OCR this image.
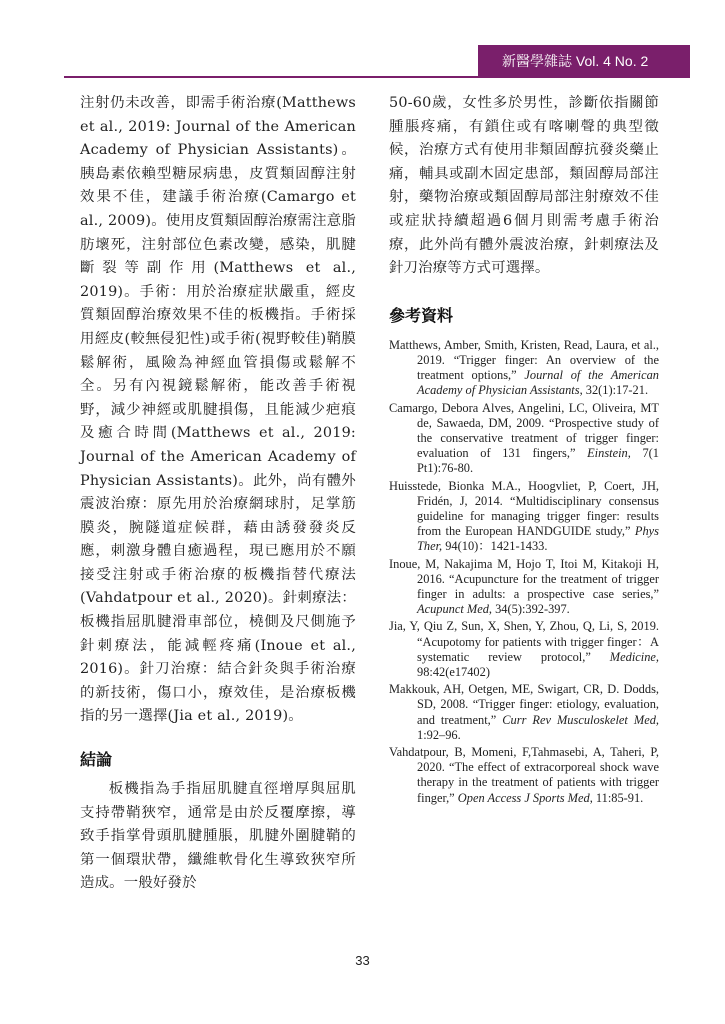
新醫學雜誌 Vol. 4 No. 2

注射仍未改善，即需手術治療(Matthews et al., 2019: Journal of the American Academy of Physician Assistants)。胰島素依賴型糖尿病患，皮質類固醇注射效果不佳，建議手術治療(Camargo et al., 2009)。使用皮質類固醇治療需注意脂肪壞死，注射部位色素改變，感染，肌腱斷裂等副作用(Matthews et al., 2019)。手術：用於治療症狀嚴重，經皮質類固醇治療效果不佳的板機指。手術採用經皮(較無侵犯性)或手術(視野較佳)鞘膜鬆解術，風險為神經血管損傷或鬆解不全。另有內視鏡鬆解術，能改善手術視野，減少神經或肌腱損傷，且能減少疤痕及癒合時間(Matthews et al., 2019: Journal of the American Academy of Physician Assistants)。此外，尚有體外震波治療：原先用於治療網球肘，足掌筋膜炎，腕隧道症候群，藉由誘發發炎反應，刺激身體自癒過程，現已應用於不願接受注射或手術治療的板機指替代療法(Vahdatpour et al., 2020)。針刺療法：板機指屈肌腱滑車部位，橈側及尺側施予針刺療法，能減輕疼痛(Inoue et al., 2016)。針刀治療：結合針灸與手術治療的新技術，傷口小，療效佳，是治療板機指的另一選擇(Jia et al., 2019)。

結論

板機指為手指屈肌腱直徑增厚與屈肌支持帶鞘狹窄，通常是由於反覆摩擦，導致手指掌骨頭肌腱腫脹，肌腱外圍腱鞘的第一個環狀帶，纖維軟骨化生導致狹窄所造成。一般好發於

50-60歲，女性多於男性，診斷依指關節腫脹疼痛，有鎖住或有喀喇聲的典型徵候，治療方式有使用非類固醇抗發炎藥止痛，輔具或副木固定患部，類固醇局部注射，藥物治療或類固醇局部注射療效不佳或症狀持續超過6個月則需考慮手術治療，此外尚有體外震波治療，針刺療法及針刀治療等方式可選擇。

參考資料
Matthews, Amber, Smith, Kristen, Read, Laura, et al., 2019. “Trigger finger: An overview of the treatment options,” Journal of the American Academy of Physician Assistants, 32(1):17-21.
Camargo, Debora Alves, Angelini, LC, Oliveira, MT de, Sawaeda, DM, 2009. “Prospective study of the conservative treatment of trigger finger: evaluation of 131 fingers,” Einstein, 7(1 Pt1):76-80.
Huisstede, Bionka M.A., Hoogvliet, P, Coert, JH, Fridén, J, 2014. “Multidisciplinary consensus guideline for managing trigger finger: results from the European HANDGUIDE study,” Phys Ther, 94(10)：1421-1433.
Inoue, M, Nakajima M, Hojo T, Itoi M, Kitakoji H, 2016. “Acupuncture for the treatment of trigger finger in adults: a prospective case series,” Acupunct Med, 34(5):392-397.
Jia, Y, Qiu Z, Sun, X, Shen, Y, Zhou, Q, Li, S, 2019. “Acupotomy for patients with trigger finger：A systematic review protocol,” Medicine, 98:42(e17402)
Makkouk, AH, Oetgen, ME, Swigart, CR, D. Dodds, SD, 2008. “Trigger finger: etiology, evaluation, and treatment,” Curr Rev Musculoskelet Med, 1:92–96.
Vahdatpour, B, Momeni, F,Tahmasebi, A, Taheri, P, 2020. “The effect of extracorporeal shock wave therapy in the treatment of patients with trigger finger,” Open Access J Sports Med, 11:85-91.
33
